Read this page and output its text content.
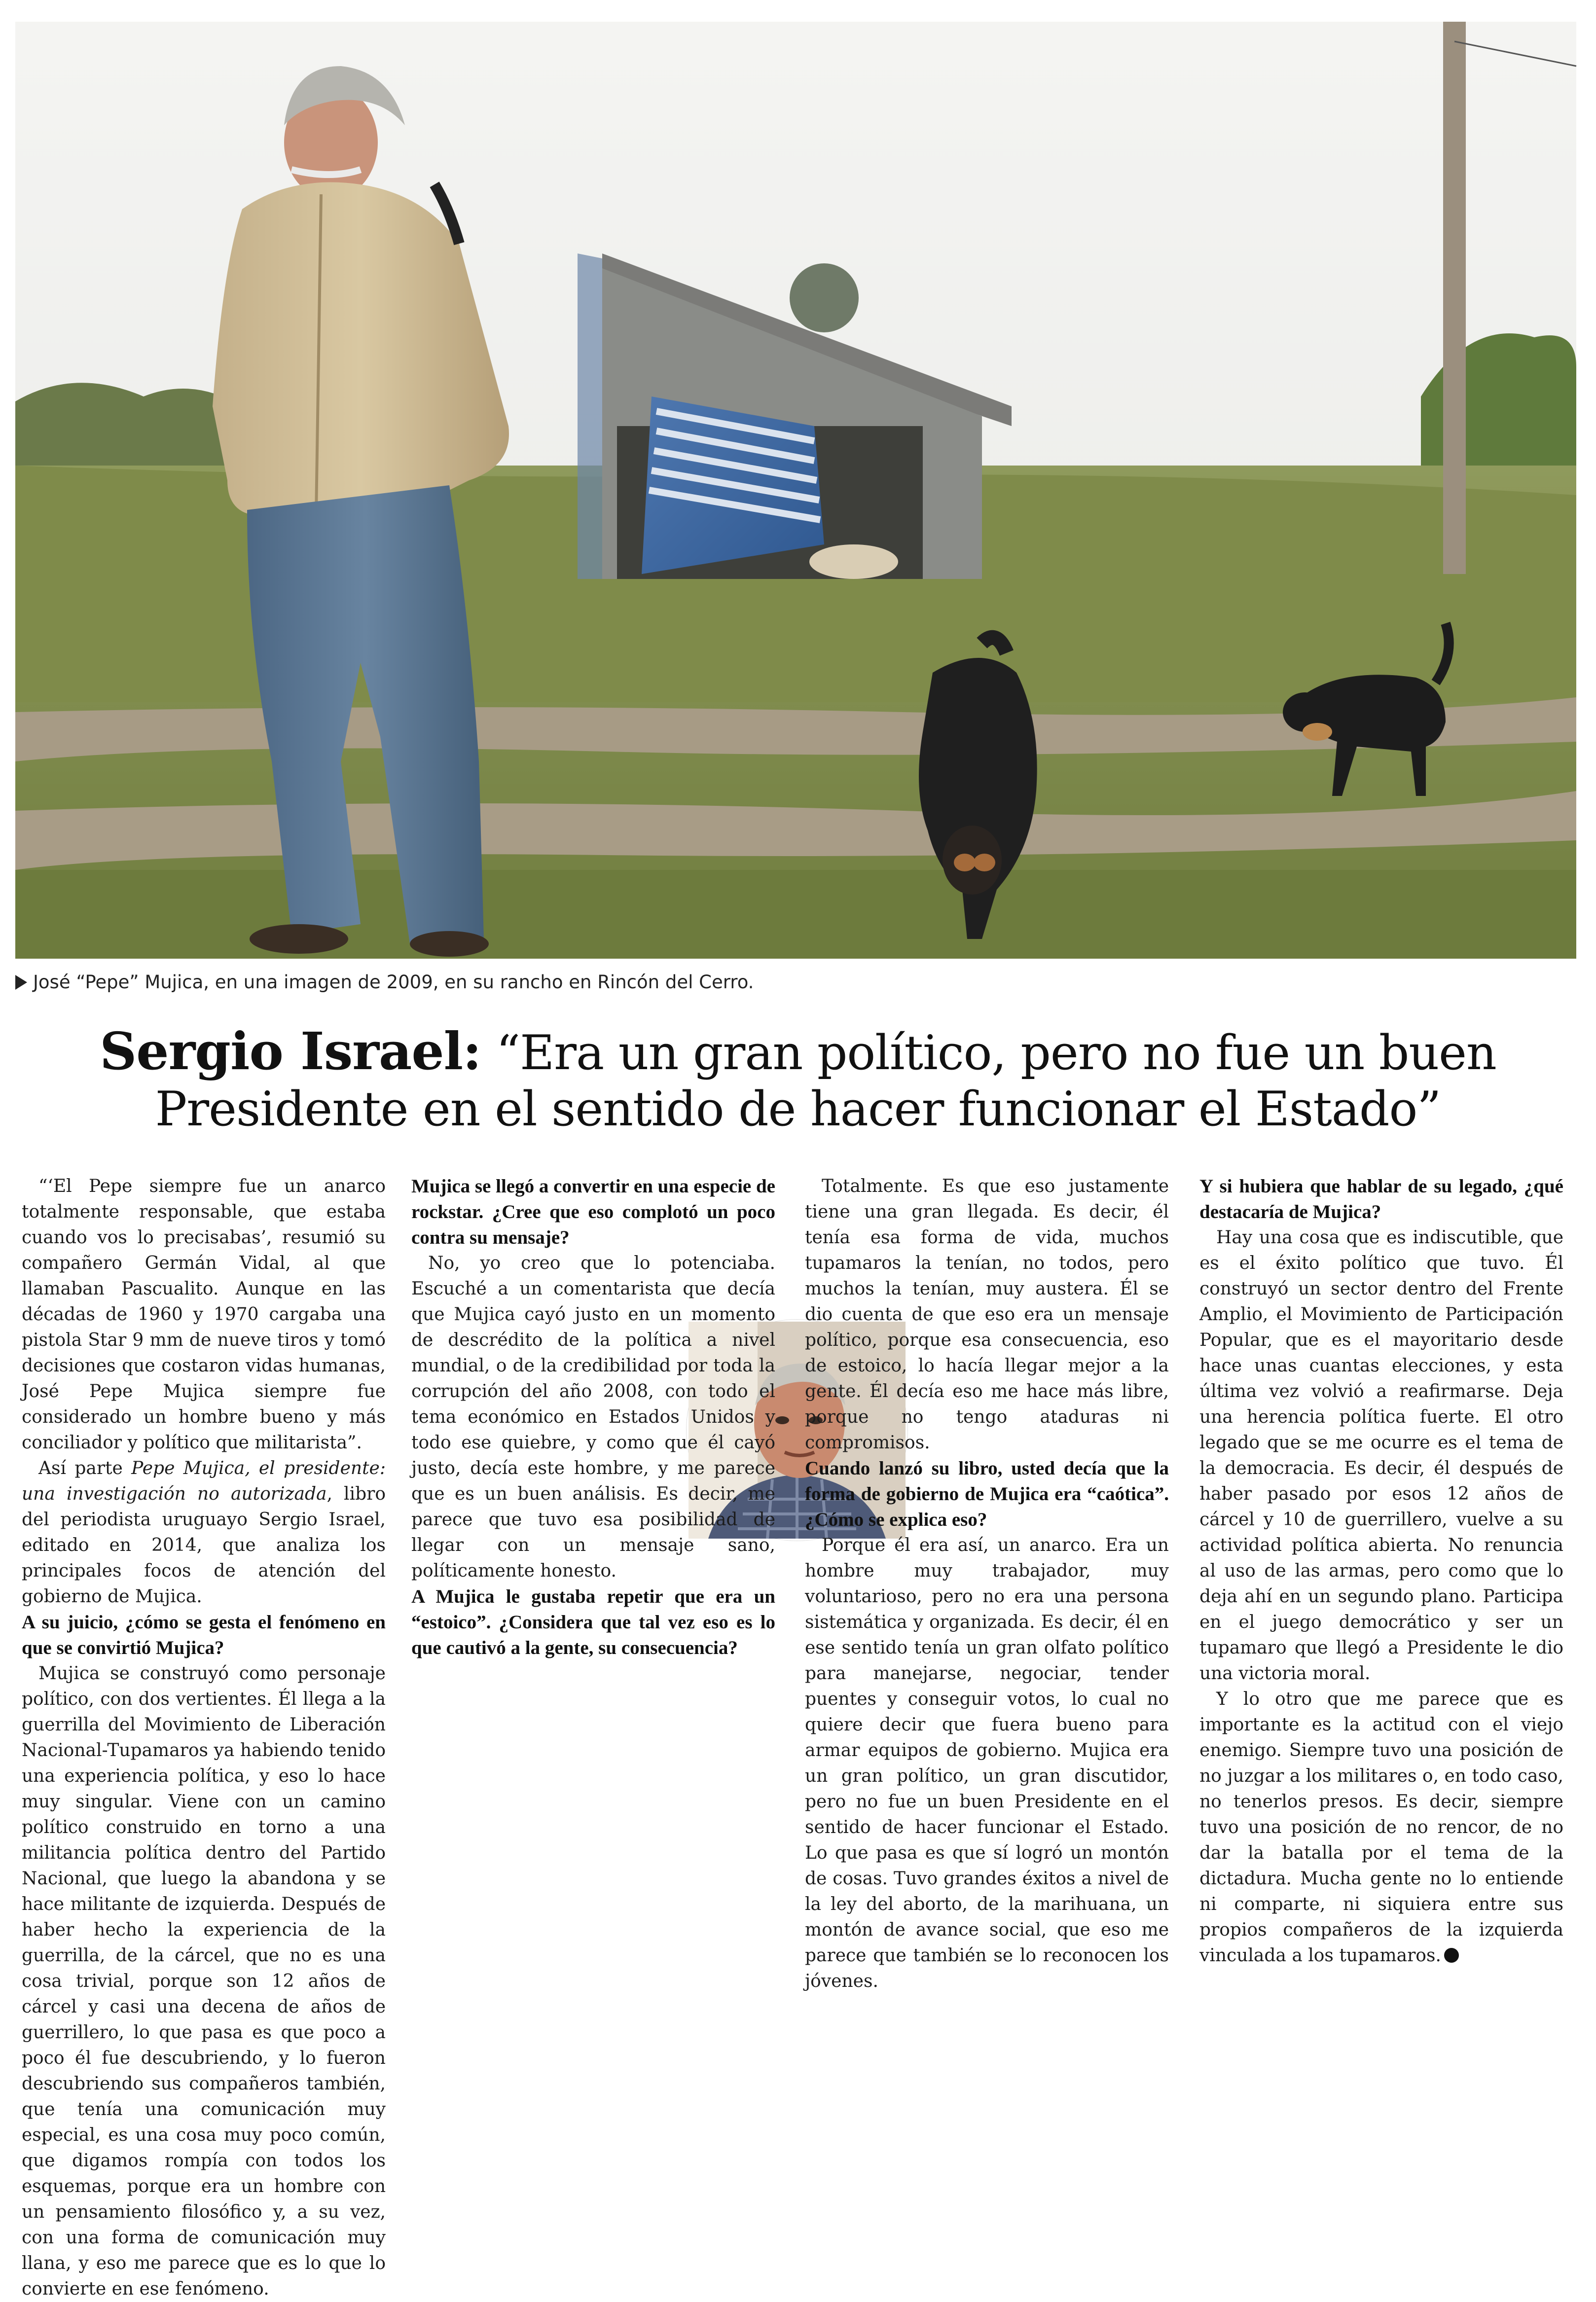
José “Pepe” Mujica, en una imagen de 2009, en su rancho en Rincón del Cerro.
Sergio Israel: “Era un gran político, pero no fue un buen
Presidente en el sentido de hacer funcionar el Estado”

“‘El Pepe siempre fue un anarco totalmente responsable, que estaba cuando vos lo precisabas’, resumió su compañero Germán Vidal, al que llamaban Pascualito. Aunque en las décadas de 1960 y 1970 cargaba una pistola Star 9 mm de nueve tiros y tomó decisiones que costaron vidas humanas, José Pepe Mujica siempre fue considerado un hombre bueno y más conciliador y político que militarista”.

Así parte Pepe Mujica, el presidente: una investigación no autorizada, libro del periodista uruguayo Sergio Israel, editado en 2014, que analiza los principales focos de atención del gobierno de Mujica.

A su juicio, ¿cómo se gesta el fenómeno en que se convirtió Mujica?

Mujica se construyó como personaje político, con dos vertientes. Él llega a la guerrilla del Movimiento de Liberación Nacional-Tupamaros ya habiendo tenido una experiencia política, y eso lo hace muy singular. Viene con un camino político construido en torno a una militancia política dentro del Partido Nacional, que luego la abandona y se hace militante de izquierda. Después de haber hecho la experiencia de la guerrilla, de la cárcel, que no es una cosa trivial, porque son 12 años de cárcel y casi una decena de años de guerrillero, lo que pasa es que poco a poco él fue descubriendo, y lo fueron descubriendo sus compañeros también, que tenía una comunicación muy especial, es una cosa muy poco común, que digamos rompía con todos los esquemas, porque era un hombre con un pensamiento filosófico y, a su vez, con una forma de comunicación muy llana, y eso me parece que es lo que lo convierte en ese fenómeno.

Mujica se llegó a convertir en una especie de rockstar. ¿Cree que eso complotó un poco contra su mensaje?

No, yo creo que lo potenciaba. Escuché a un comentarista que decía que Mujica cayó justo en un momento de descrédito de la política a nivel mundial, o de la credibilidad por toda la corrupción del año 2008, con todo el tema económico en Estados Unidos y todo ese quiebre, y como que él cayó justo, decía este hombre, y me parece que es un buen análisis. Es decir, me parece que tuvo esa posibilidad de llegar con un mensaje sano, políticamente honesto.

A Mujica le gustaba repetir que era un “estoico”. ¿Considera que tal vez eso es lo que cautivó a la gente, su consecuencia?

Totalmente. Es que eso justamente tiene una gran llegada. Es decir, él tenía esa forma de vida, muchos tupamaros la tenían, no todos, pero muchos la tenían, muy austera. Él se dio cuenta de que eso era un mensaje político, porque esa consecuencia, eso de estoico, lo hacía llegar mejor a la gente. Él decía eso me hace más libre, porque no tengo ataduras ni compromisos.

Cuando lanzó su libro, usted decía que la forma de gobierno de Mujica era “caótica”. ¿Cómo se explica eso?

Porque él era así, un anarco. Era un hombre muy trabajador, muy voluntarioso, pero no era una persona sistemática y organizada. Es decir, él en ese sentido tenía un gran olfato político para manejarse, negociar, tender puentes y conseguir votos, lo cual no quiere decir que fuera bueno para armar equipos de gobierno. Mujica era un gran político, un gran discutidor, pero no fue un buen Presidente en el sentido de hacer funcionar el Estado. Lo que pasa es que sí logró un montón de cosas. Tuvo grandes éxitos a nivel de la ley del aborto, de la marihuana, un montón de avance social, que eso me parece que también se lo reconocen los jóvenes.

Y si hubiera que hablar de su legado, ¿qué destacaría de Mujica?

Hay una cosa que es indiscutible, que es el éxito político que tuvo. Él construyó un sector dentro del Frente Amplio, el Movimiento de Participación Popular, que es el mayoritario desde hace unas cuantas elecciones, y esta última vez volvió a reafirmarse. Deja una herencia política fuerte. El otro legado que se me ocurre es el tema de la democracia. Es decir, él después de haber pasado por esos 12 años de cárcel y 10 de guerrillero, vuelve a su actividad política abierta. No renuncia al uso de las armas, pero como que lo deja ahí en un segundo plano. Participa en el juego democrático y ser un tupamaro que llegó a Presidente le dio una victoria moral.

Y lo otro que me parece que es importante es la actitud con el viejo enemigo. Siempre tuvo una posición de no juzgar a los militares o, en todo caso, no tenerlos presos. Es decir, siempre tuvo una posición de no rencor, de no dar la batalla por el tema de la dictadura. Mucha gente no lo entiende ni comparte, ni siquiera entre sus propios compañeros de la izquierda vinculada a los tupamaros.
